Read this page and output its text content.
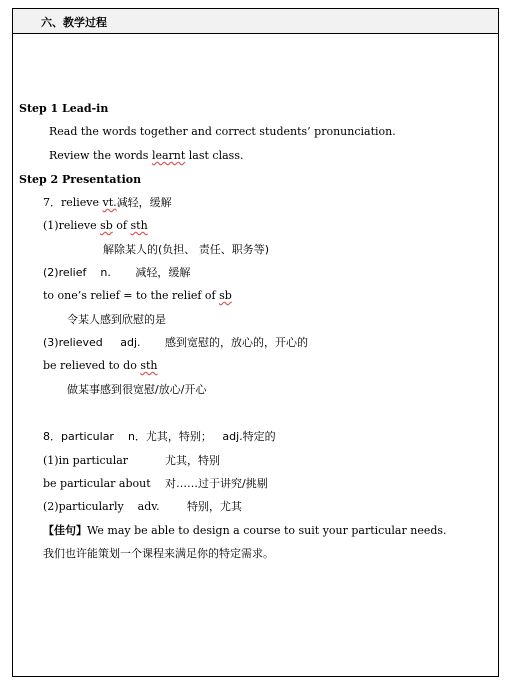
六、教学过程
Step 1 Lead-in
Read the words together and correct students’ pronunciation.
Review the words learnt last class.
Step 2 Presentation
7．relieve vt.减轻，缓解
(1)relieve sb of sth
解除某人的(负担、 责任、职务等)
(2)relief    n.       减轻，缓解
to one’s relief = to the relief of sb
令某人感到欣慰的是
(3)relieved     adj.       感到宽慰的，放心的，开心的
be relieved to do sth
做某事感到很宽慰/放心/开心
8．particular    n．尤其，特别；   adj.特定的
(1)in particular	尤其，特别
be particular about 对……过于讲究/挑剔
(2)particularly    adv. 特别，尤其
【佳句】We may be able to design a course to suit your particular needs.
我们也许能策划一个课程来满足你的特定需求。
